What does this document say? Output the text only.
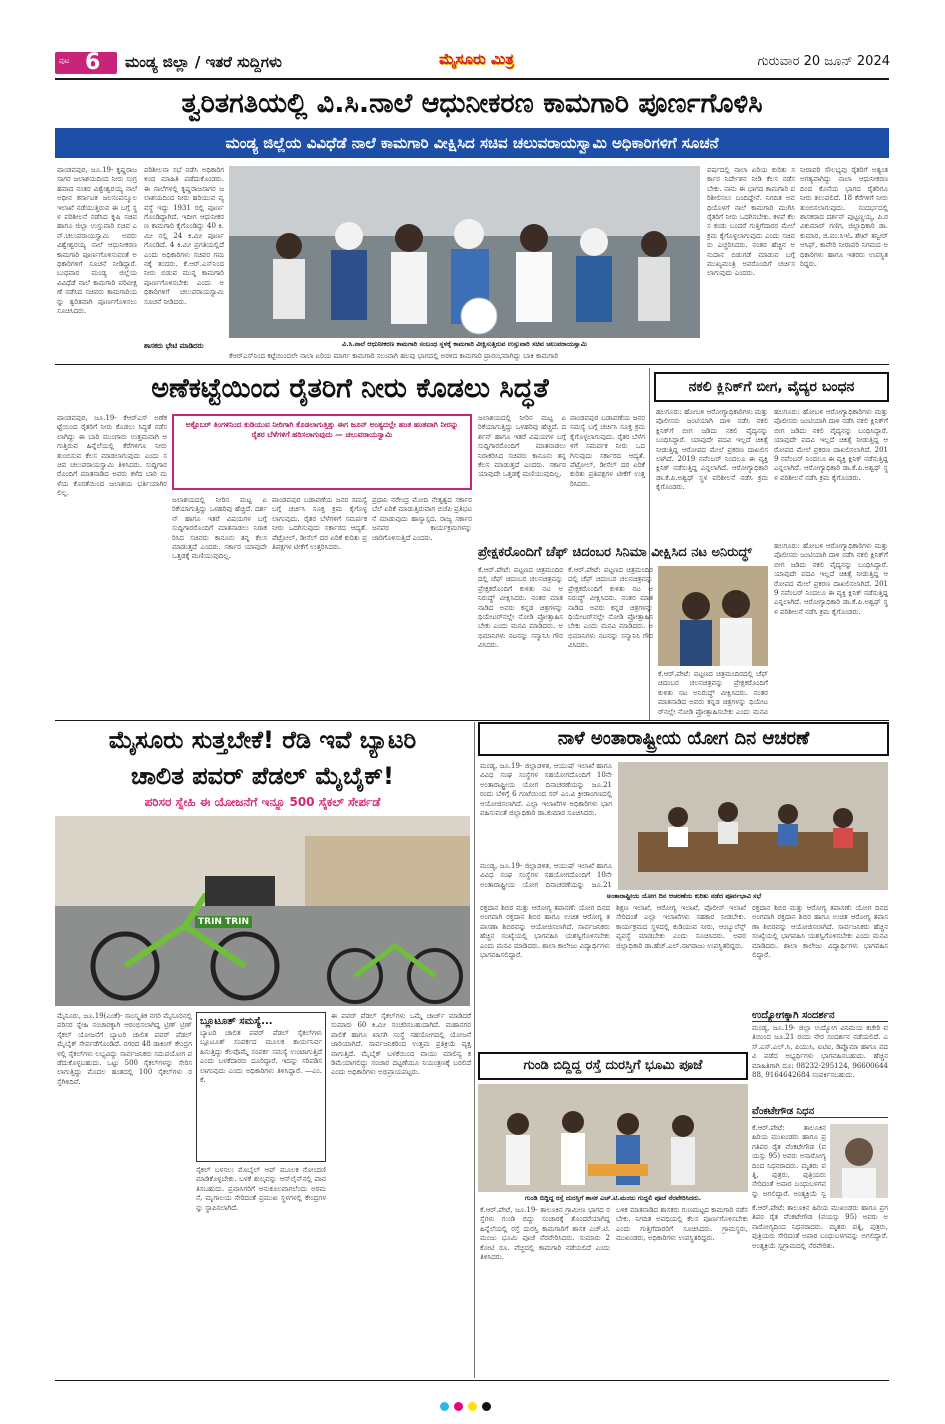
ಪುಟ 6 ಮಂಡ್ಯ ಜಿಲ್ಲಾ / ಇತರೆ ಸುದ್ದಿಗಳು	ಮೈಸೂರು ಮಿತ್ರ	ಗುರುವಾರ 20 ಜೂನ್ 2024
ತ್ವರಿತಗತಿಯಲ್ಲಿ ವಿ.ಸಿ.ನಾಲೆ ಆಧುನೀಕರಣ ಕಾಮಗಾರಿ ಪೂರ್ಣಗೊಳಿಸಿ
ಮಂಡ್ಯ ಜಿಲ್ಲೆಯ ವಿವಿಧೆಡೆ ನಾಲೆ ಕಾಮಗಾರಿ ವೀಕ್ಷಿಸಿದ ಸಚಿವ ಚಲುವರಾಯಸ್ವಾಮಿ ಅಧಿಕಾರಿಗಳಿಗೆ ಸೂಚನೆ
ಪಾಂಡವಪುರ, ಜೂ.19- ಕೃಷ್ಣರಾಜ ಸಾಗರ ಜಲಾಶಯದಿಂದ ನೀರು ಸಂಗ್ರಹವಾದ ನಂತರ ವಿಶ್ವೇಶ್ವರಯ್ಯ ನಾಲೆ ಅಧೀನ ಕರ್ನಾಟಕ ಜಲಸಂಪನ್ಮೂಲ ಇಲಾಖೆ ನಡೆಯುತ್ತಿರುವ ಈ ಬಗ್ಗೆ ಸ್ಥಳ ಪರಿಶೀಲನೆ ನಡೆಸಿದ ಕೃಷಿ ಸಚಿವ ಹಾಗೂ ಜಿಲ್ಲಾ ಉಸ್ತುವಾರಿ ಸಚಿವ ಎನ್.ಚಲುವರಾಯಸ್ವಾಮಿ ಅವರು ವಿಶ್ವೇಶ್ವರಯ್ಯ ನಾಲೆ ಆಧುನೀಕರಣ ಕಾಮಗಾರಿ ಪೂರ್ಣಗೊಳಿಸುವಂತೆ ಅಧಿಕಾರಿಗಳಿಗೆ ಸೂಚನೆ ನೀಡಿದ್ದಾರೆ. ಬುಧವಾರ ಮಂಡ್ಯ ಜಿಲ್ಲೆಯ ವಿವಿಧೆಡೆ ನಾಲೆ ಕಾಮಗಾರಿ ಪರಿವೀಕ್ಷಣೆ ನಡೆಸಿದ ಸಚಿವರು ಕಾಮಗಾರಿಯನ್ನು ತ್ವರಿತವಾಗಿ ಪೂರ್ಣಗೊಳಿಸಲು ಸೂಚಿಸಿದರು.
ಪರಿಶೀಲನಾ ಸಭೆ ನಡೆಸಿ ಅಧಿಕಾರಿಗಳಿಂದ ಮಾಹಿತಿ ಪಡೆದುಕೊಂಡರು. ಈ ನಾಲೆಗಳಲ್ಲಿ ಕೃಷ್ಣರಾಜಸಾಗರ ಜಲಾಶಯದಿಂದ ನೀರು ಹರಿಯುವ ವ್ಯವಸ್ಥೆ ಇದ್ದು 1931 ರಲ್ಲಿ ಪೂರ್ಣಗೊಂಡಿದ್ದಾಗಿದೆ. ಇದೀಗ ಆಧುನೀಕರಣ ಕಾಮಗಾರಿ ಕೈಗೊಂಡಿದ್ದು 40 ಕಿ.ಮೀ ನಲ್ಲಿ 24 ಕಿ.ಮೀ ಪೂರ್ಣಗೊಂಡಿದೆ. 4 ಕಿ.ಮೀ ಪ್ರಗತಿಯಲ್ಲಿದೆ ಎಂದು ಅಧಿಕಾರಿಗಳು ಸಚಿವರ ಗಮನಕ್ಕೆ ತಂದರು. ಕೆ.ಆರ್.ಎಸ್‌ನಿಂದ ನೀರು ಬಿಡುವ ಮುನ್ನ ಕಾಮಗಾರಿ ಪೂರ್ಣಗೊಳಿಸಬೇಕು ಎಂದು ಅಧಿಕಾರಿಗಳಿಗೆ ಚಲುವರಾಯಸ್ವಾಮಿ ಸೂಚನೆ ನೀಡಿದರು.
ಶಾಸಕರು ಭೇಟಿ ಮಾಡಿದರು	ವಿ.ಸಿ.ನಾಲೆ ಆಧುನೀಕರಣ ಕಾಮಗಾರಿ ಸಂಬಂಧ ಸ್ಥಳಕ್ಕೆ ಕಾಮಗಾರಿ ವೀಕ್ಷಿಸುತ್ತಿರುವ ಉಸ್ತುವಾರಿ ಸಚಿವ ಚಲುವರಾಯಸ್ವಾಮಿ
ಕೆಆರ್‌ಎಸ್‌ನಿಂದ ಕಟ್ಟೆಯಿಂದಲೇ ನಾಲಾ ಏರಿಯ ಮಾರ್ಗ ಕಾಮಗಾರಿ ಸಲುವಾಗಿ ಹಲವು ಭಾಗದಲ್ಲಿ ಅರಳಿದ ಕಾಮಗಾರಿ ಪ್ರಾರಂಭವಾಗಿದ್ದು ಬಾಕಿ ಕಾಮಗಾರಿ
ವರ್ಷದಲ್ಲಿ ನಾಲಾ ಏರಿಯ ಕುರಿತು ಸರ್ಕಾರ ನಿರ್ದೇಶನ ನೀಡಿ ಕೆಲಸ ನಡೆಸಬೇಕು. ನಾನು ಈ ಭಾಗದ ಕಾಮಗಾರಿ ಪರಿಶೀಲಿಸಲು ಬಂದಿದ್ದೇನೆ. ನಿಗದಿತ ಅವಧಿಯೊಳಗೆ ನಾಲೆ ಕಾಮಗಾರಿ ಮುಗಿಸಿ ರೈತರಿಗೆ ನೀರು ಒದಗಿಸಬೇಕು. ಕಳಪೆ ಕೆಲಸ ಕಂಡು ಬಂದರೆ ಗುತ್ತಿಗೆದಾರರ ಮೇಲೆ ಕ್ರಮ ಕೈಗೊಳ್ಳಲಾಗುವುದು ಎಂದು ಸಚಿವರು ಎಚ್ಚರಿಸಿದರು. ನಂತರ ಹೆಚ್ಚಿನ ಅನುದಾನ ಬಿಡುಗಡೆ ಮಾಡುವ ಬಗ್ಗೆ ಮುಖ್ಯಮಂತ್ರಿ ಅವರೊಂದಿಗೆ ಚರ್ಚಿಸಲಾಗುವುದು ಎಂದರು.
ನೀರಾವರಿ ಸೌಲಭ್ಯವು ರೈತರಿಗೆ ಅತ್ಯಂತ ಅಗತ್ಯವಾಗಿದ್ದು ನಾಲಾ ಆಧುನೀಕರಣದಿಂದ ಕೊನೆಯ ಭಾಗದ ರೈತರಿಗೂ ನೀರು ತಲುಪಲಿದೆ. 18 ಕೆರೆಗಳಿಗೆ ನೀರು ತುಂಬಿಸಲಾಗುವುದು. ಸಂದರ್ಭದಲ್ಲಿ ಶಾಸಕರಾದ ದರ್ಶನ್ ಪುಟ್ಟಣ್ಣಯ್ಯ, ಪಿ.ರವಿಕುಮಾರ್ ಗಣಿಗ, ಜಿಲ್ಲಾಧಿಕಾರಿ ಡಾ.ಕುಮಾರ, ಜಿ.ಪಂ.ಸಿಇಓ ಶೇಖ್ ತನ್ವೀರ್ ಆಸಿಫ್, ಕಾವೇರಿ ನೀರಾವರಿ ನಿಗಮದ ಅಧಿಕಾರಿಗಳು ಹಾಗೂ ಇತರರು ಉಪಸ್ಥಿತರಿದ್ದರು.
ಅಣೆಕಟ್ಟೆಯಿಂದ ರೈತರಿಗೆ ನೀರು ಕೊಡಲು ಸಿದ್ಧತೆ
ಪಾಂಡವಪುರ, ಜೂ.19- ಕೆಆರ್‌ಎಸ್ ಅಣೆಕಟ್ಟೆಯಿಂದ ರೈತರಿಗೆ ನೀರು ಕೊಡಲು ಸಿದ್ಧತೆ ನಡೆಸಲಾಗಿದ್ದು ಈ ಬಾರಿ ಮುಂಗಾರು ಉತ್ತಮವಾಗಿ ಆಗುತ್ತಿರುವ ಹಿನ್ನೆಲೆಯಲ್ಲಿ ಕೆರೆಗಳಿಗೂ ನೀರು ತುಂಬಿಸುವ ಕೆಲಸ ಮಾಡಲಾಗುವುದು ಎಂದು ಸಚಿವ ಚಲುವರಾಯಸ್ವಾಮಿ ತಿಳಿಸಿದರು. ಸುದ್ದಿಗಾರರೊಂದಿಗೆ ಮಾತನಾಡಿದ ಅವರು ಕಳೆದ ಬಾರಿ ಮಳೆಯ ಕೊರತೆಯಿಂದ ಜಲಾಶಯ ಭರ್ತಿಯಾಗಿರಲಿಲ್ಲ.
ಅಕ್ಟೊಬರ್ ತಿಂಗಳಿನಿಂದ ಕುಡಿಯುವ ನೀರಿಗಾಗಿ ಕೊಡಲಾಗುತ್ತಿತ್ತು ಈಗ ಜೂನ್ ಅಂತ್ಯದಲ್ಲೇ ಹಂತ ಹಂತವಾಗಿ ನೀರನ್ನು ರೈತರ ಬೆಳೆಗಳಿಗೆ ಹರಿಸಲಾಗುವುದು — ಚಲುವರಾಯಸ್ವಾಮಿ
ಜಲಾಶಯದಲ್ಲಿ ನೀರಿನ ಮಟ್ಟ ಏರಿಕೆಯಾಗುತ್ತಿದ್ದು ಒಳಹರಿವು ಹೆಚ್ಚಿದೆ. ದರ್ಶನ್ ಹಾಗೂ ಇತರೆ ವಿಷಯಗಳ ಬಗ್ಗೆ ಸುದ್ದಿಗಾರರೊಂದಿಗೆ ಮಾತನಾಡಲು ನಿರಾಕರಿಸಿದ ಸಚಿವರು ಕಾನೂನು ತನ್ನ ಕೆಲಸ ಮಾಡುತ್ತದೆ ಎಂದರು. ಸರ್ಕಾರ ಯಾವುದೇ ಒತ್ತಡಕ್ಕೆ ಮಣಿಯುವುದಿಲ್ಲ.
ಪಾಂಡವಪುರ ಬಡಾವಣೆಯ ಜನರ ಸಮಸ್ಯೆ ಬಗ್ಗೆ ಚರ್ಚಿಸಿ ಸೂಕ್ತ ಕ್ರಮ ಕೈಗೊಳ್ಳಲಾಗುವುದು. ರೈತರ ಬೆಳೆಗಳಿಗೆ ಸಮರ್ಪಕ ನೀರು ಒದಗಿಸುವುದು ಸರ್ಕಾರದ ಆದ್ಯತೆ. ಪೆಟ್ರೋಲ್, ಡೀಸೆಲ್ ದರ ಏರಿಕೆ ಕುರಿತು ಪ್ರತಿಪಕ್ಷಗಳ ಟೀಕೆಗೆ ಉತ್ತರಿಸಿದರು.
ಪ್ರಧಾನಿ ನರೇಂದ್ರ ಮೋದಿ ನೇತೃತ್ವದ ಸರ್ಕಾರ ಬೆಲೆ ಏರಿಕೆ ಮಾಡುತ್ತಿರುವಾಗ ಬಿಜೆಪಿ ಪ್ರತಿಭಟನೆ ಮಾಡುವುದು ಹಾಸ್ಯಾಸ್ಪದ. ರಾಜ್ಯ ಸರ್ಕಾರ ಜನಪರ ಕಾರ್ಯಕ್ರಮಗಳನ್ನು ಜಾರಿಗೊಳಿಸುತ್ತಿದೆ ಎಂದರು.
ಜಲಾಶಯದಲ್ಲಿ ನೀರಿನ ಮಟ್ಟ ಏರಿಕೆಯಾಗುತ್ತಿದ್ದು ಒಳಹರಿವು ಹೆಚ್ಚಿದೆ. ದರ್ಶನ್ ಹಾಗೂ ಇತರೆ ವಿಷಯಗಳ ಬಗ್ಗೆ ಸುದ್ದಿಗಾರರೊಂದಿಗೆ ಮಾತನಾಡಲು ನಿರಾಕರಿಸಿದ ಸಚಿವರು ಕಾನೂನು ತನ್ನ ಕೆಲಸ ಮಾಡುತ್ತದೆ ಎಂದರು. ಸರ್ಕಾರ ಯಾವುದೇ ಒತ್ತಡಕ್ಕೆ ಮಣಿಯುವುದಿಲ್ಲ.
ಪಾಂಡವಪುರ ಬಡಾವಣೆಯ ಜನರ ಸಮಸ್ಯೆ ಬಗ್ಗೆ ಚರ್ಚಿಸಿ ಸೂಕ್ತ ಕ್ರಮ ಕೈಗೊಳ್ಳಲಾಗುವುದು. ರೈತರ ಬೆಳೆಗಳಿಗೆ ಸಮರ್ಪಕ ನೀರು ಒದಗಿಸುವುದು ಸರ್ಕಾರದ ಆದ್ಯತೆ. ಪೆಟ್ರೋಲ್, ಡೀಸೆಲ್ ದರ ಏರಿಕೆ ಕುರಿತು ಪ್ರತಿಪಕ್ಷಗಳ ಟೀಕೆಗೆ ಉತ್ತರಿಸಿದರು.
ನಕಲಿ ಕ್ಲಿನಿಕ್‌ಗೆ ಬೀಗ, ವೈದ್ಯರ ಬಂಧನ
ಹಲಗೂರು: ಹೋಬಳಿ ಆರೋಗ್ಯಾಧಿಕಾರಿಗಳು ಮತ್ತು ಪೊಲೀಸರು ಜಂಟಿಯಾಗಿ ದಾಳಿ ನಡೆಸಿ ನಕಲಿ ಕ್ಲಿನಿಕ್‌ಗೆ ಬೀಗ ಜಡಿದು ನಕಲಿ ವೈದ್ಯನನ್ನು ಬಂಧಿಸಿದ್ದಾರೆ. ಯಾವುದೇ ಪದವಿ ಇಲ್ಲದೆ ಚಿಕಿತ್ಸೆ ನೀಡುತ್ತಿದ್ದ ಆರೋಪದ ಮೇಲೆ ಪ್ರಕರಣ ದಾಖಲಿಸಲಾಗಿದೆ. 2019 ನವೆಂಬರ್ ನಿಂದಲೂ ಈ ವ್ಯಕ್ತಿ ಕ್ಲಿನಿಕ್ ನಡೆಸುತ್ತಿದ್ದ ಎನ್ನಲಾಗಿದೆ. ಆರೋಗ್ಯಾಧಿಕಾರಿ ಡಾ.ಕೆ.ಪಿ.ಅಶ್ವಥ್ ಸ್ಥಳ ಪರಿಶೀಲನೆ ನಡೆಸಿ ಕ್ರಮ ಕೈಗೊಂಡರು.
ಹಲಗೂರು: ಹೋಬಳಿ ಆರೋಗ್ಯಾಧಿಕಾರಿಗಳು ಮತ್ತು ಪೊಲೀಸರು ಜಂಟಿಯಾಗಿ ದಾಳಿ ನಡೆಸಿ ನಕಲಿ ಕ್ಲಿನಿಕ್‌ಗೆ ಬೀಗ ಜಡಿದು ನಕಲಿ ವೈದ್ಯನನ್ನು ಬಂಧಿಸಿದ್ದಾರೆ. ಯಾವುದೇ ಪದವಿ ಇಲ್ಲದೆ ಚಿಕಿತ್ಸೆ ನೀಡುತ್ತಿದ್ದ ಆರೋಪದ ಮೇಲೆ ಪ್ರಕರಣ ದಾಖಲಿಸಲಾಗಿದೆ. 2019 ನವೆಂಬರ್ ನಿಂದಲೂ ಈ ವ್ಯಕ್ತಿ ಕ್ಲಿನಿಕ್ ನಡೆಸುತ್ತಿದ್ದ ಎನ್ನಲಾಗಿದೆ. ಆರೋಗ್ಯಾಧಿಕಾರಿ ಡಾ.ಕೆ.ಪಿ.ಅಶ್ವಥ್ ಸ್ಥಳ ಪರಿಶೀಲನೆ ನಡೆಸಿ ಕ್ರಮ ಕೈಗೊಂಡರು.
ಪ್ರೇಕ್ಷಕರೊಂದಿಗೆ ಚೆಫ್ ಚಿದಂಬರ ಸಿನಿಮಾ ವೀಕ್ಷಿಸಿದ ನಟ ಅನಿರುದ್ಧ್
ಕೆ.ಆರ್.ಪೇಟೆ: ಪಟ್ಟಣದ ಚಿತ್ರಮಂದಿರದಲ್ಲಿ ಚೆಫ್ ಚಿದಂಬರ ಚಲನಚಿತ್ರವನ್ನು ಪ್ರೇಕ್ಷಕರೊಂದಿಗೆ ಕುಳಿತು ನಟ ಅನಿರುದ್ಧ್ ವೀಕ್ಷಿಸಿದರು. ನಂತರ ಮಾತನಾಡಿದ ಅವರು ಕನ್ನಡ ಚಿತ್ರಗಳನ್ನು ಥಿಯೇಟರ್‌ನಲ್ಲೇ ನೋಡಿ ಪ್ರೋತ್ಸಾಹಿಸಬೇಕು ಎಂದು ಮನವಿ ಮಾಡಿದರು. ಅಭಿಮಾನಿಗಳು ನಟನನ್ನು ಸನ್ಮಾನಿಸಿ ಗೌರವಿಸಿದರು.
ಕೆ.ಆರ್.ಪೇಟೆ: ಪಟ್ಟಣದ ಚಿತ್ರಮಂದಿರದಲ್ಲಿ ಚೆಫ್ ಚಿದಂಬರ ಚಲನಚಿತ್ರವನ್ನು ಪ್ರೇಕ್ಷಕರೊಂದಿಗೆ ಕುಳಿತು ನಟ ಅನಿರುದ್ಧ್ ವೀಕ್ಷಿಸಿದರು. ನಂತರ ಮಾತನಾಡಿದ ಅವರು ಕನ್ನಡ ಚಿತ್ರಗಳನ್ನು ಥಿಯೇಟರ್‌ನಲ್ಲೇ ನೋಡಿ ಪ್ರೋತ್ಸಾಹಿಸಬೇಕು ಎಂದು ಮನವಿ ಮಾಡಿದರು. ಅಭಿಮಾನಿಗಳು ನಟನನ್ನು ಸನ್ಮಾನಿಸಿ ಗೌರವಿಸಿದರು.
ಕೆ.ಆರ್.ಪೇಟೆ: ಪಟ್ಟಣದ ಚಿತ್ರಮಂದಿರದಲ್ಲಿ ಚೆಫ್ ಚಿದಂಬರ ಚಲನಚಿತ್ರವನ್ನು ಪ್ರೇಕ್ಷಕರೊಂದಿಗೆ ಕುಳಿತು ನಟ ಅನಿರುದ್ಧ್ ವೀಕ್ಷಿಸಿದರು. ನಂತರ ಮಾತನಾಡಿದ ಅವರು ಕನ್ನಡ ಚಿತ್ರಗಳನ್ನು ಥಿಯೇಟರ್‌ನಲ್ಲೇ ನೋಡಿ ಪ್ರೋತ್ಸಾಹಿಸಬೇಕು ಎಂದು ಮನವಿ
ಹಲಗೂರು: ಹೋಬಳಿ ಆರೋಗ್ಯಾಧಿಕಾರಿಗಳು ಮತ್ತು ಪೊಲೀಸರು ಜಂಟಿಯಾಗಿ ದಾಳಿ ನಡೆಸಿ ನಕಲಿ ಕ್ಲಿನಿಕ್‌ಗೆ ಬೀಗ ಜಡಿದು ನಕಲಿ ವೈದ್ಯನನ್ನು ಬಂಧಿಸಿದ್ದಾರೆ. ಯಾವುದೇ ಪದವಿ ಇಲ್ಲದೆ ಚಿಕಿತ್ಸೆ ನೀಡುತ್ತಿದ್ದ ಆರೋಪದ ಮೇಲೆ ಪ್ರಕರಣ ದಾಖಲಿಸಲಾಗಿದೆ. 2019 ನವೆಂಬರ್ ನಿಂದಲೂ ಈ ವ್ಯಕ್ತಿ ಕ್ಲಿನಿಕ್ ನಡೆಸುತ್ತಿದ್ದ ಎನ್ನಲಾಗಿದೆ. ಆರೋಗ್ಯಾಧಿಕಾರಿ ಡಾ.ಕೆ.ಪಿ.ಅಶ್ವಥ್ ಸ್ಥಳ ಪರಿಶೀಲನೆ ನಡೆಸಿ ಕ್ರಮ ಕೈಗೊಂಡರು.
ಮೈಸೂರು ಸುತ್ತಬೇಕೆ! ರೆಡಿ ಇವೆ ಬ್ಯಾಟರಿ
ಚಾಲಿತ ಪವರ್ ಪೆಡಲ್ ಮೈಬೈಕ್!
ಪರಿಸರ ಸ್ನೇಹಿ ಈ ಯೋಜನೆಗೆ ಇನ್ನೂ 500 ಸೈಕಲ್ ಸೇರ್ಪಡೆ
TRIN TRIN
ಮೈಸೂರು, ಜೂ.19(ಎಂಕೆ)- ಸಾಂಸ್ಕೃತಿಕ ನಗರಿ ಮೈಸೂರಿನಲ್ಲಿ ಪರಿಸರ ಸ್ನೇಹಿ ಸಂಚಾರಕ್ಕಾಗಿ ಆರಂಭಿಸಲಾಗಿದ್ದ ಟ್ರಿಣ್ ಟ್ರಿಣ್ ಸೈಕಲ್ ಯೋಜನೆಗೆ ಬ್ಯಾಟರಿ ಚಾಲಿತ ಪವರ್ ಪೆಡಲ್ ಮೈಬೈಕ್ ಸೇರ್ಪಡೆಗೊಂಡಿದೆ. ನಗರದ 48 ಡಾಕಿಂಗ್ ಕೇಂದ್ರಗಳಲ್ಲಿ ಸೈಕಲ್‌ಗಳು ಲಭ್ಯವಿದ್ದು ಸಾರ್ವಜನಿಕರು ಸದುಪಯೋಗ ಪಡೆದುಕೊಳ್ಳಬಹುದು. ಒಟ್ಟು 500 ಸೈಕಲ್‌ಗಳನ್ನು ಸೇರಿಸಲಾಗುತ್ತಿದ್ದು ಮೊದಲ ಹಂತದಲ್ಲಿ 100 ಸೈಕಲ್‌ಗಳು ರಸ್ತೆಗಿಳಿದಿವೆ.
ಬ್ಲೂಟೂತ್ ಸಮಸ್ಯೆ...
ಬ್ಯಾಟರಿ ಚಾಲಿತ ಪವರ್ ಪೆಡಲ್ ಸೈಕಲ್‌ಗಳು ಬ್ಲೂಟೂತ್ ಸಂಪರ್ಕದ ಮೂಲಕ ಕಾರ್ಯನಿರ್ವಹಿಸುತ್ತಿದ್ದು ಕೆಲವೊಮ್ಮೆ ಸಂಪರ್ಕ ಸಮಸ್ಯೆ ಉಂಟಾಗುತ್ತಿದೆ ಎಂದು ಬಳಕೆದಾರರು ದೂರಿದ್ದಾರೆ. ಇದನ್ನು ಸರಿಪಡಿಸಲಾಗುವುದು ಎಂದು ಅಧಿಕಾರಿಗಳು ತಿಳಿಸಿದ್ದಾರೆ. —ಎಂ.ಕೆ.
ಸೈಕಲ್ ಬಳಸಲು ಮೊಬೈಲ್ ಆಪ್ ಮೂಲಕ ನೋಂದಣಿ ಮಾಡಿಕೊಳ್ಳಬೇಕು. ಬಳಕೆ ಶುಲ್ಕವನ್ನು ಆನ್‌ಲೈನ್‌ನಲ್ಲಿ ಪಾವತಿಸಬಹುದು. ಪ್ರವಾಸಿಗರಿಗೆ ಅನುಕೂಲವಾಗಲೆಂದು ಅರಮನೆ, ಮೃಗಾಲಯ ಸೇರಿದಂತೆ ಪ್ರಮುಖ ಸ್ಥಳಗಳಲ್ಲಿ ಕೇಂದ್ರಗಳನ್ನು ಸ್ಥಾಪಿಸಲಾಗಿದೆ.
ಈ ಪವರ್ ಪೆಡಲ್ ಸೈಕಲ್‌ಗಳು ಒಮ್ಮೆ ಚಾರ್ಜ್ ಮಾಡಿದರೆ ಸುಮಾರು 60 ಕಿ.ಮೀ ಸಂಚರಿಸಬಹುದಾಗಿದೆ. ಮಹಾನಗರ ಪಾಲಿಕೆ ಹಾಗೂ ಖಾಸಗಿ ಸಂಸ್ಥೆ ಸಹಯೋಗದಲ್ಲಿ ಯೋಜನೆ ಜಾರಿಯಾಗಿದೆ. ಸಾರ್ವಜನಿಕರಿಂದ ಉತ್ತಮ ಪ್ರತಿಕ್ರಿಯೆ ವ್ಯಕ್ತವಾಗುತ್ತಿದೆ. ಮೈಬೈಕ್ ಬಳಕೆಯಿಂದ ವಾಯು ಮಾಲಿನ್ಯ ಕಡಿಮೆಯಾಗಲಿದ್ದು ಸಂಚಾರ ದಟ್ಟಣೆಯೂ ನಿಯಂತ್ರಣಕ್ಕೆ ಬರಲಿದೆ ಎಂದು ಅಧಿಕಾರಿಗಳು ಅಭಿಪ್ರಾಯಪಟ್ಟರು.
ನಾಳೆ ಅಂತಾರಾಷ್ಟ್ರೀಯ ಯೋಗ ದಿನ ಆಚರಣೆ
ಮಂಡ್ಯ, ಜೂ.19- ಜಿಲ್ಲಾಡಳಿತ, ಆಯುಷ್ ಇಲಾಖೆ ಹಾಗೂ ವಿವಿಧ ಸಂಘ ಸಂಸ್ಥೆಗಳ ಸಹಯೋಗದೊಂದಿಗೆ 10ನೇ ಅಂತಾರಾಷ್ಟ್ರೀಯ ಯೋಗ ದಿನಾಚರಣೆಯನ್ನು ಜೂ.21 ರಂದು ಬೆಳಿಗ್ಗೆ 6 ಗಂಟೆಯಿಂದ ಸರ್ ಎಂ.ವಿ ಕ್ರೀಡಾಂಗಣದಲ್ಲಿ ಆಯೋಜಿಸಲಾಗಿದೆ. ಎಲ್ಲಾ ಇಲಾಖೆಗಳ ಅಧಿಕಾರಿಗಳು ಭಾಗವಹಿಸುವಂತೆ ಜಿಲ್ಲಾಧಿಕಾರಿ ಡಾ.ಕುಮಾರ ಸೂಚಿಸಿದರು.
ಮಂಡ್ಯ, ಜೂ.19- ಜಿಲ್ಲಾಡಳಿತ, ಆಯುಷ್ ಇಲಾಖೆ ಹಾಗೂ ವಿವಿಧ ಸಂಘ ಸಂಸ್ಥೆಗಳ ಸಹಯೋಗದೊಂದಿಗೆ 10ನೇ ಅಂತಾರಾಷ್ಟ್ರೀಯ ಯೋಗ ದಿನಾಚರಣೆಯನ್ನು ಜೂ.21
ಅಂತಾರಾಷ್ಟ್ರೀಯ ಯೋಗ ದಿನ ಆಚರಣೆಯ ಕುರಿತು ನಡೆದ ಪೂರ್ವಭಾವಿ ಸಭೆ
ರಕ್ತದಾನ ಶಿಬಿರ ಮತ್ತು ಆರೋಗ್ಯ ತಪಾಸಣೆ: ಯೋಗ ದಿನದ ಅಂಗವಾಗಿ ರಕ್ತದಾನ ಶಿಬಿರ ಹಾಗೂ ಉಚಿತ ಆರೋಗ್ಯ ತಪಾಸಣಾ ಶಿಬಿರವನ್ನು ಆಯೋಜಿಸಲಾಗಿದೆ. ಸಾರ್ವಜನಿಕರು ಹೆಚ್ಚಿನ ಸಂಖ್ಯೆಯಲ್ಲಿ ಭಾಗವಹಿಸಿ ಯಶಸ್ವಿಗೊಳಿಸಬೇಕು ಎಂದು ಮನವಿ ಮಾಡಿದರು. ಶಾಲಾ ಕಾಲೇಜು ವಿದ್ಯಾರ್ಥಿಗಳು ಭಾಗವಹಿಸಲಿದ್ದಾರೆ.
ಶಿಕ್ಷಣ ಇಲಾಖೆ, ಆರೋಗ್ಯ ಇಲಾಖೆ, ಪೊಲೀಸ್ ಇಲಾಖೆ ಸೇರಿದಂತೆ ಎಲ್ಲಾ ಇಲಾಖೆಗಳು ಸಹಕಾರ ನೀಡಬೇಕು. ಕಾರ್ಯಕ್ರಮದ ಸ್ಥಳದಲ್ಲಿ ಕುಡಿಯುವ ನೀರು, ಆಂಬ್ಯುಲೆನ್ಸ್ ವ್ಯವಸ್ಥೆ ಮಾಡಬೇಕು ಎಂದು ಸೂಚಿಸಿದರು. ಅಪರ ಜಿಲ್ಲಾಧಿಕಾರಿ ಡಾ.ಹೆಚ್.ಎಲ್.ನಾಗರಾಜು ಉಪಸ್ಥಿತರಿದ್ದರು.
ರಕ್ತದಾನ ಶಿಬಿರ ಮತ್ತು ಆರೋಗ್ಯ ತಪಾಸಣೆ: ಯೋಗ ದಿನದ ಅಂಗವಾಗಿ ರಕ್ತದಾನ ಶಿಬಿರ ಹಾಗೂ ಉಚಿತ ಆರೋಗ್ಯ ತಪಾಸಣಾ ಶಿಬಿರವನ್ನು ಆಯೋಜಿಸಲಾಗಿದೆ. ಸಾರ್ವಜನಿಕರು ಹೆಚ್ಚಿನ ಸಂಖ್ಯೆಯಲ್ಲಿ ಭಾಗವಹಿಸಿ ಯಶಸ್ವಿಗೊಳಿಸಬೇಕು ಎಂದು ಮನವಿ ಮಾಡಿದರು. ಶಾಲಾ ಕಾಲೇಜು ವಿದ್ಯಾರ್ಥಿಗಳು ಭಾಗವಹಿಸಲಿದ್ದಾರೆ.
ಉದ್ಯೋಗಕ್ಕಾಗಿ ಸಂದರ್ಶನ
ಮಂಡ್ಯ, ಜೂ.19- ಜಿಲ್ಲಾ ಉದ್ಯೋಗ ವಿನಿಮಯ ಕಚೇರಿ ವತಿಯಿಂದ ಜೂ.21 ರಂದು ನೇರ ಸಂದರ್ಶನ ನಡೆಯಲಿದೆ. ಎಸ್.ಎಸ್.ಎಲ್.ಸಿ, ಪಿಯುಸಿ, ಐಟಿಐ, ಡಿಪ್ಲೊಮಾ ಹಾಗೂ ಪದವಿ ಪಡೆದ ಅಭ್ಯರ್ಥಿಗಳು ಭಾಗವಹಿಸಬಹುದು. ಹೆಚ್ಚಿನ ಮಾಹಿತಿಗಾಗಿ ದೂ: 08232-295124, 9660064488, 9164642684 ಸಂಪರ್ಕಿಸಬಹುದು.
ವೆಂಕಟೇಗೌಡ ನಿಧನ
ಕೆ.ಆರ್.ಪೇಟೆ: ತಾಲೂಕಿನ ಹಿರಿಯ ಮುಖಂಡರು ಹಾಗೂ ಪ್ರಗತಿಪರ ರೈತ ವೆಂಕಟೇಗೌಡ (ವಯಸ್ಸು 95) ಅವರು ಅನಾರೋಗ್ಯದಿಂದ ನಿಧನರಾದರು. ಮೃತರು ಪತ್ನಿ, ಪುತ್ರರು, ಪುತ್ರಿಯರು ಸೇರಿದಂತೆ ಅಪಾರ ಬಂಧುಬಳಗವನ್ನು ಅಗಲಿದ್ದಾರೆ. ಅಂತ್ಯಕ್ರಿಯೆ ಸ್ವ
ಕೆ.ಆರ್.ಪೇಟೆ: ತಾಲೂಕಿನ ಹಿರಿಯ ಮುಖಂಡರು ಹಾಗೂ ಪ್ರಗತಿಪರ ರೈತ ವೆಂಕಟೇಗೌಡ (ವಯಸ್ಸು 95) ಅವರು ಅನಾರೋಗ್ಯದಿಂದ ನಿಧನರಾದರು. ಮೃತರು ಪತ್ನಿ, ಪುತ್ರರು, ಪುತ್ರಿಯರು ಸೇರಿದಂತೆ ಅಪಾರ ಬಂಧುಬಳಗವನ್ನು ಅಗಲಿದ್ದಾರೆ. ಅಂತ್ಯಕ್ರಿಯೆ ಸ್ವಗ್ರಾಮದಲ್ಲಿ ನೆರವೇರಿತು.
ಗುಂಡಿ ಬಿದ್ದಿದ್ದ ರಸ್ತೆ ದುರಸ್ತಿಗೆ ಭೂಮಿ ಪೂಜೆ
ಗುಂಡಿ ಬಿದ್ದಿದ್ದ ರಸ್ತೆ ದುರಸ್ತಿಗೆ ಶಾಸಕ ಎಚ್.ಟಿ.ಮಂಜು ಗುದ್ದಲಿ ಪೂಜೆ ನೆರವೇರಿಸಿದರು.
ಕೆ.ಆರ್.ಪೇಟೆ, ಜೂ.19- ತಾಲೂಕಿನ ಗ್ರಾಮೀಣ ಭಾಗದ ರಸ್ತೆಗಳು ಗುಂಡಿ ಬಿದ್ದು ಸಂಚಾರಕ್ಕೆ ತೊಂದರೆಯಾಗಿದ್ದ ಹಿನ್ನೆಲೆಯಲ್ಲಿ ರಸ್ತೆ ದುರಸ್ತಿ ಕಾಮಗಾರಿಗೆ ಶಾಸಕ ಎಚ್.ಟಿ.ಮಂಜು ಭೂಮಿ ಪೂಜೆ ನೆರವೇರಿಸಿದರು. ಸುಮಾರು 2 ಕೋಟಿ ರೂ. ವೆಚ್ಚದಲ್ಲಿ ಕಾಮಗಾರಿ ನಡೆಯಲಿದೆ ಎಂದು ತಿಳಿಸಿದರು.
ಬಳಿಕ ಮಾತನಾಡಿದ ಶಾಸಕರು ಗುಣಮಟ್ಟದ ಕಾಮಗಾರಿ ನಡೆಸಬೇಕು. ನಿಗದಿತ ಅವಧಿಯಲ್ಲಿ ಕೆಲಸ ಪೂರ್ಣಗೊಳಿಸಬೇಕು ಎಂದು ಗುತ್ತಿಗೆದಾರರಿಗೆ ಸೂಚಿಸಿದರು. ಗ್ರಾಮಸ್ಥರು, ಮುಖಂಡರು, ಅಧಿಕಾರಿಗಳು ಉಪಸ್ಥಿತರಿದ್ದರು.
